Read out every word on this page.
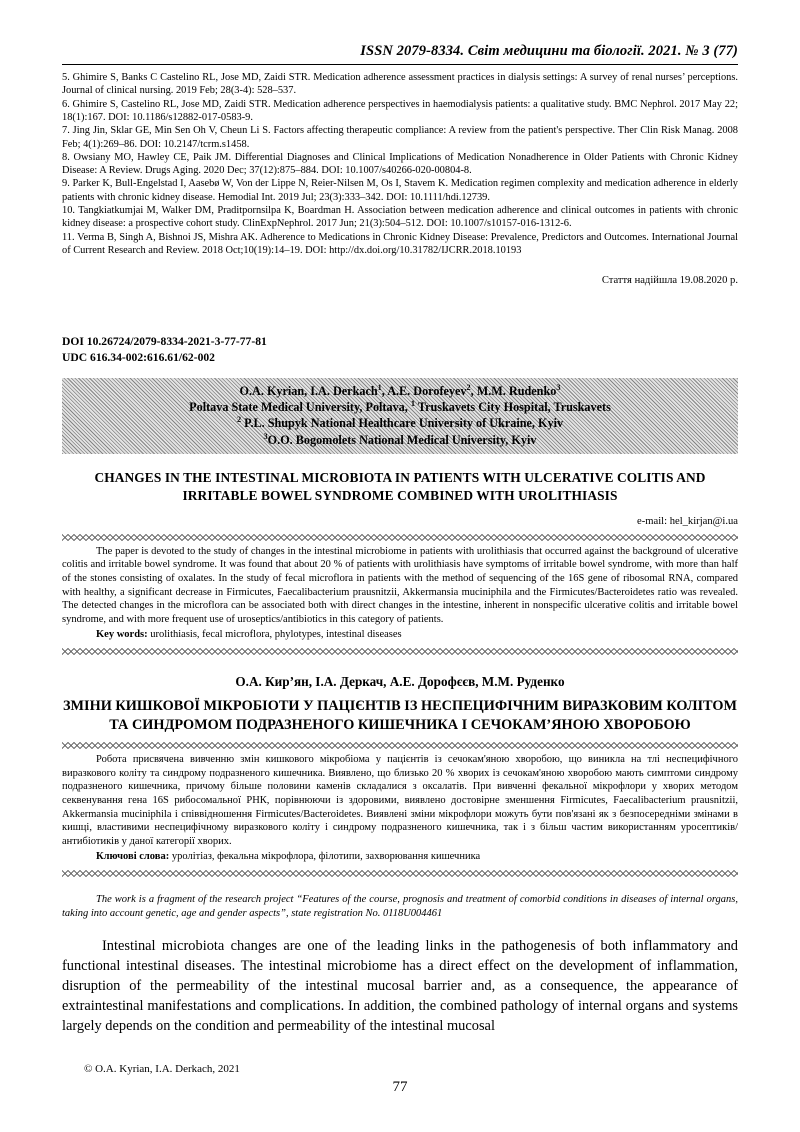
ISSN 2079-8334. Світ медицини та біології. 2021. № 3 (77)

5. Ghimire S, Banks C Castelino RL, Jose MD, Zaidi STR. Medication adherence assessment practices in dialysis settings: A survey of renal nurses’ perceptions. Journal of clinical nursing. 2019 Feb; 28(3-4): 528–537.

6. Ghimire S, Castelino RL, Jose MD, Zaidi STR. Medication adherence perspectives in haemodialysis patients: a qualitative study. BMC Nephrol. 2017 May 22; 18(1):167. DOI: 10.1186/s12882-017-0583-9.

7. Jing Jin, Sklar GE, Min Sen Oh V, Cheun Li S. Factors affecting therapeutic compliance: A review from the patient's perspective. Ther Clin Risk Manag. 2008 Feb; 4(1):269–86. DOI: 10.2147/tcrm.s1458.

8. Owsiany MO, Hawley CE, Paik JM. Differential Diagnoses and Clinical Implications of Medication Nonadherence in Older Patients with Chronic Kidney Disease: A Review. Drugs Aging. 2020 Dec; 37(12):875–884. DOI: 10.1007/s40266-020-00804-8.

9. Parker K, Bull-Engelstad I, Aasebø W, Von der Lippe N, Reier-Nilsen M, Os I, Stavem K. Medication regimen complexity and medication adherence in elderly patients with chronic kidney disease. Hemodial Int. 2019 Jul; 23(3):333–342. DOI: 10.1111/hdi.12739.

10. Tangkiatkumjai M, Walker DM, Praditpornsilpa K, Boardman H. Association between medication adherence and clinical outcomes in patients with chronic kidney disease: a prospective cohort study. ClinExpNephrol. 2017 Jun; 21(3):504–512. DOI: 10.1007/s10157-016-1312-6.

11. Verma B, Singh A, Bishnoi JS, Mishra AK. Adherence to Medications in Chronic Kidney Disease: Prevalence, Predictors and Outcomes. International Journal of Current Research and Review. 2018 Oct;10(19):14–19. DOI: http://dx.doi.org/10.31782/IJCRR.2018.10193

Стаття надійшла 19.08.2020 р.
DOI 10.26724/2079-8334-2021-3-77-77-81
UDC 616.34-002:616.61/62-002
O.A. Kyrian, I.A. Derkach$^1$, A.E. Dorofeyev$^2$, M.M. Rudenko$^3$
Poltava State Medical University, Poltava, $^1$ Truskavets City Hospital, Truskavets
$^2$ P.L. Shupyk National Healthcare University of Ukraine, Kyiv
$^3$O.O. Bogomolets National Medical University, Kyiv
CHANGES IN THE INTESTINAL MICROBIOTA IN PATIENTS WITH ULCERATIVE COLITIS AND IRRITABLE BOWEL SYNDROME COMBINED WITH UROLITHIASIS
e-mail: hel_kirjan@i.ua

The paper is devoted to the study of changes in the intestinal microbiome in patients with urolithiasis that occurred against the background of ulcerative colitis and irritable bowel syndrome. It was found that about 20 % of patients with urolithiasis have symptoms of irritable bowel syndrome, with more than half of the stones consisting of oxalates. In the study of fecal microflora in patients with the method of sequencing of the 16S gene of ribosomal RNA, compared with healthy, a significant decrease in Firmicutes, Faecalibacterium prausnitzii, Akkermansia muciniphila and the Firmicutes/Bacteroidetes ratio was revealed. The detected changes in the microflora can be associated both with direct changes in the intestine, inherent in nonspecific ulcerative colitis and irritable bowel syndrome, and with more frequent use of uroseptics/antibiotics in this category of patients.

Key words: urolithiasis, fecal microflora, phylotypes, intestinal diseases
О.А. Кир’ян, І.А. Деркач, А.Е. Дорофєєв, М.М. Руденко
ЗМІНИ КИШКОВОЇ МІКРОБІОТИ У ПАЦІЄНТІВ ІЗ НЕСПЕЦИФІЧНИМ ВИРАЗКОВИМ КОЛІТОМ ТА СИНДРОМОМ ПОДРАЗНЕНОГО КИШЕЧНИКА І СЕЧОКАМ’ЯНОЮ ХВОРОБОЮ

Робота присвячена вивченню змін кишкового мікробіома у пацієнтів із сечокам'яною хворобою, що виникла на тлі неспецифічного виразкового коліту та синдрому подразненого кишечника. Виявлено, що близько 20 % хворих із сечокам'яною хворобою мають симптоми синдрому подразненого кишечника, причому більше половини каменів складалися з оксалатів. При вивченні фекальної мікрофлори у хворих методом секвенування гена 16S рибосомальної РНК, порівнюючи із здоровими, виявлено достовірне зменшення Firmicutes, Faecalibacterium prausnitzii, Akkermansia muciniphila і співвідношення Firmicutes/Bacteroidetes. Виявлені зміни мікрофлори можуть бути пов'язані як з безпосередніми змінами в кишці, властивими неспецифічному виразкового коліту і синдрому подразненого кишечника, так і з більш частим використанням уросептиків/антибіотиків у даної категорії хворих.

Ключові слова: уролітіаз, фекальна мікрофлора, філотипи, захворювання кишечника

The work is a fragment of the research project “Features of the course, prognosis and treatment of comorbid conditions in diseases of internal organs, taking into account genetic, age and gender aspects”, state registration No. 0118U004461

Intestinal microbiota changes are one of the leading links in the pathogenesis of both inflammatory and functional intestinal diseases. The intestinal microbiome has a direct effect on the development of inflammation, disruption of the permeability of the intestinal mucosal barrier and, as a consequence, the appearance of extraintestinal manifestations and complications. In addition, the combined pathology of internal organs and systems largely depends on the condition and permeability of the intestinal mucosal

© O.A. Kyrian, I.A. Derkach, 2021
77
